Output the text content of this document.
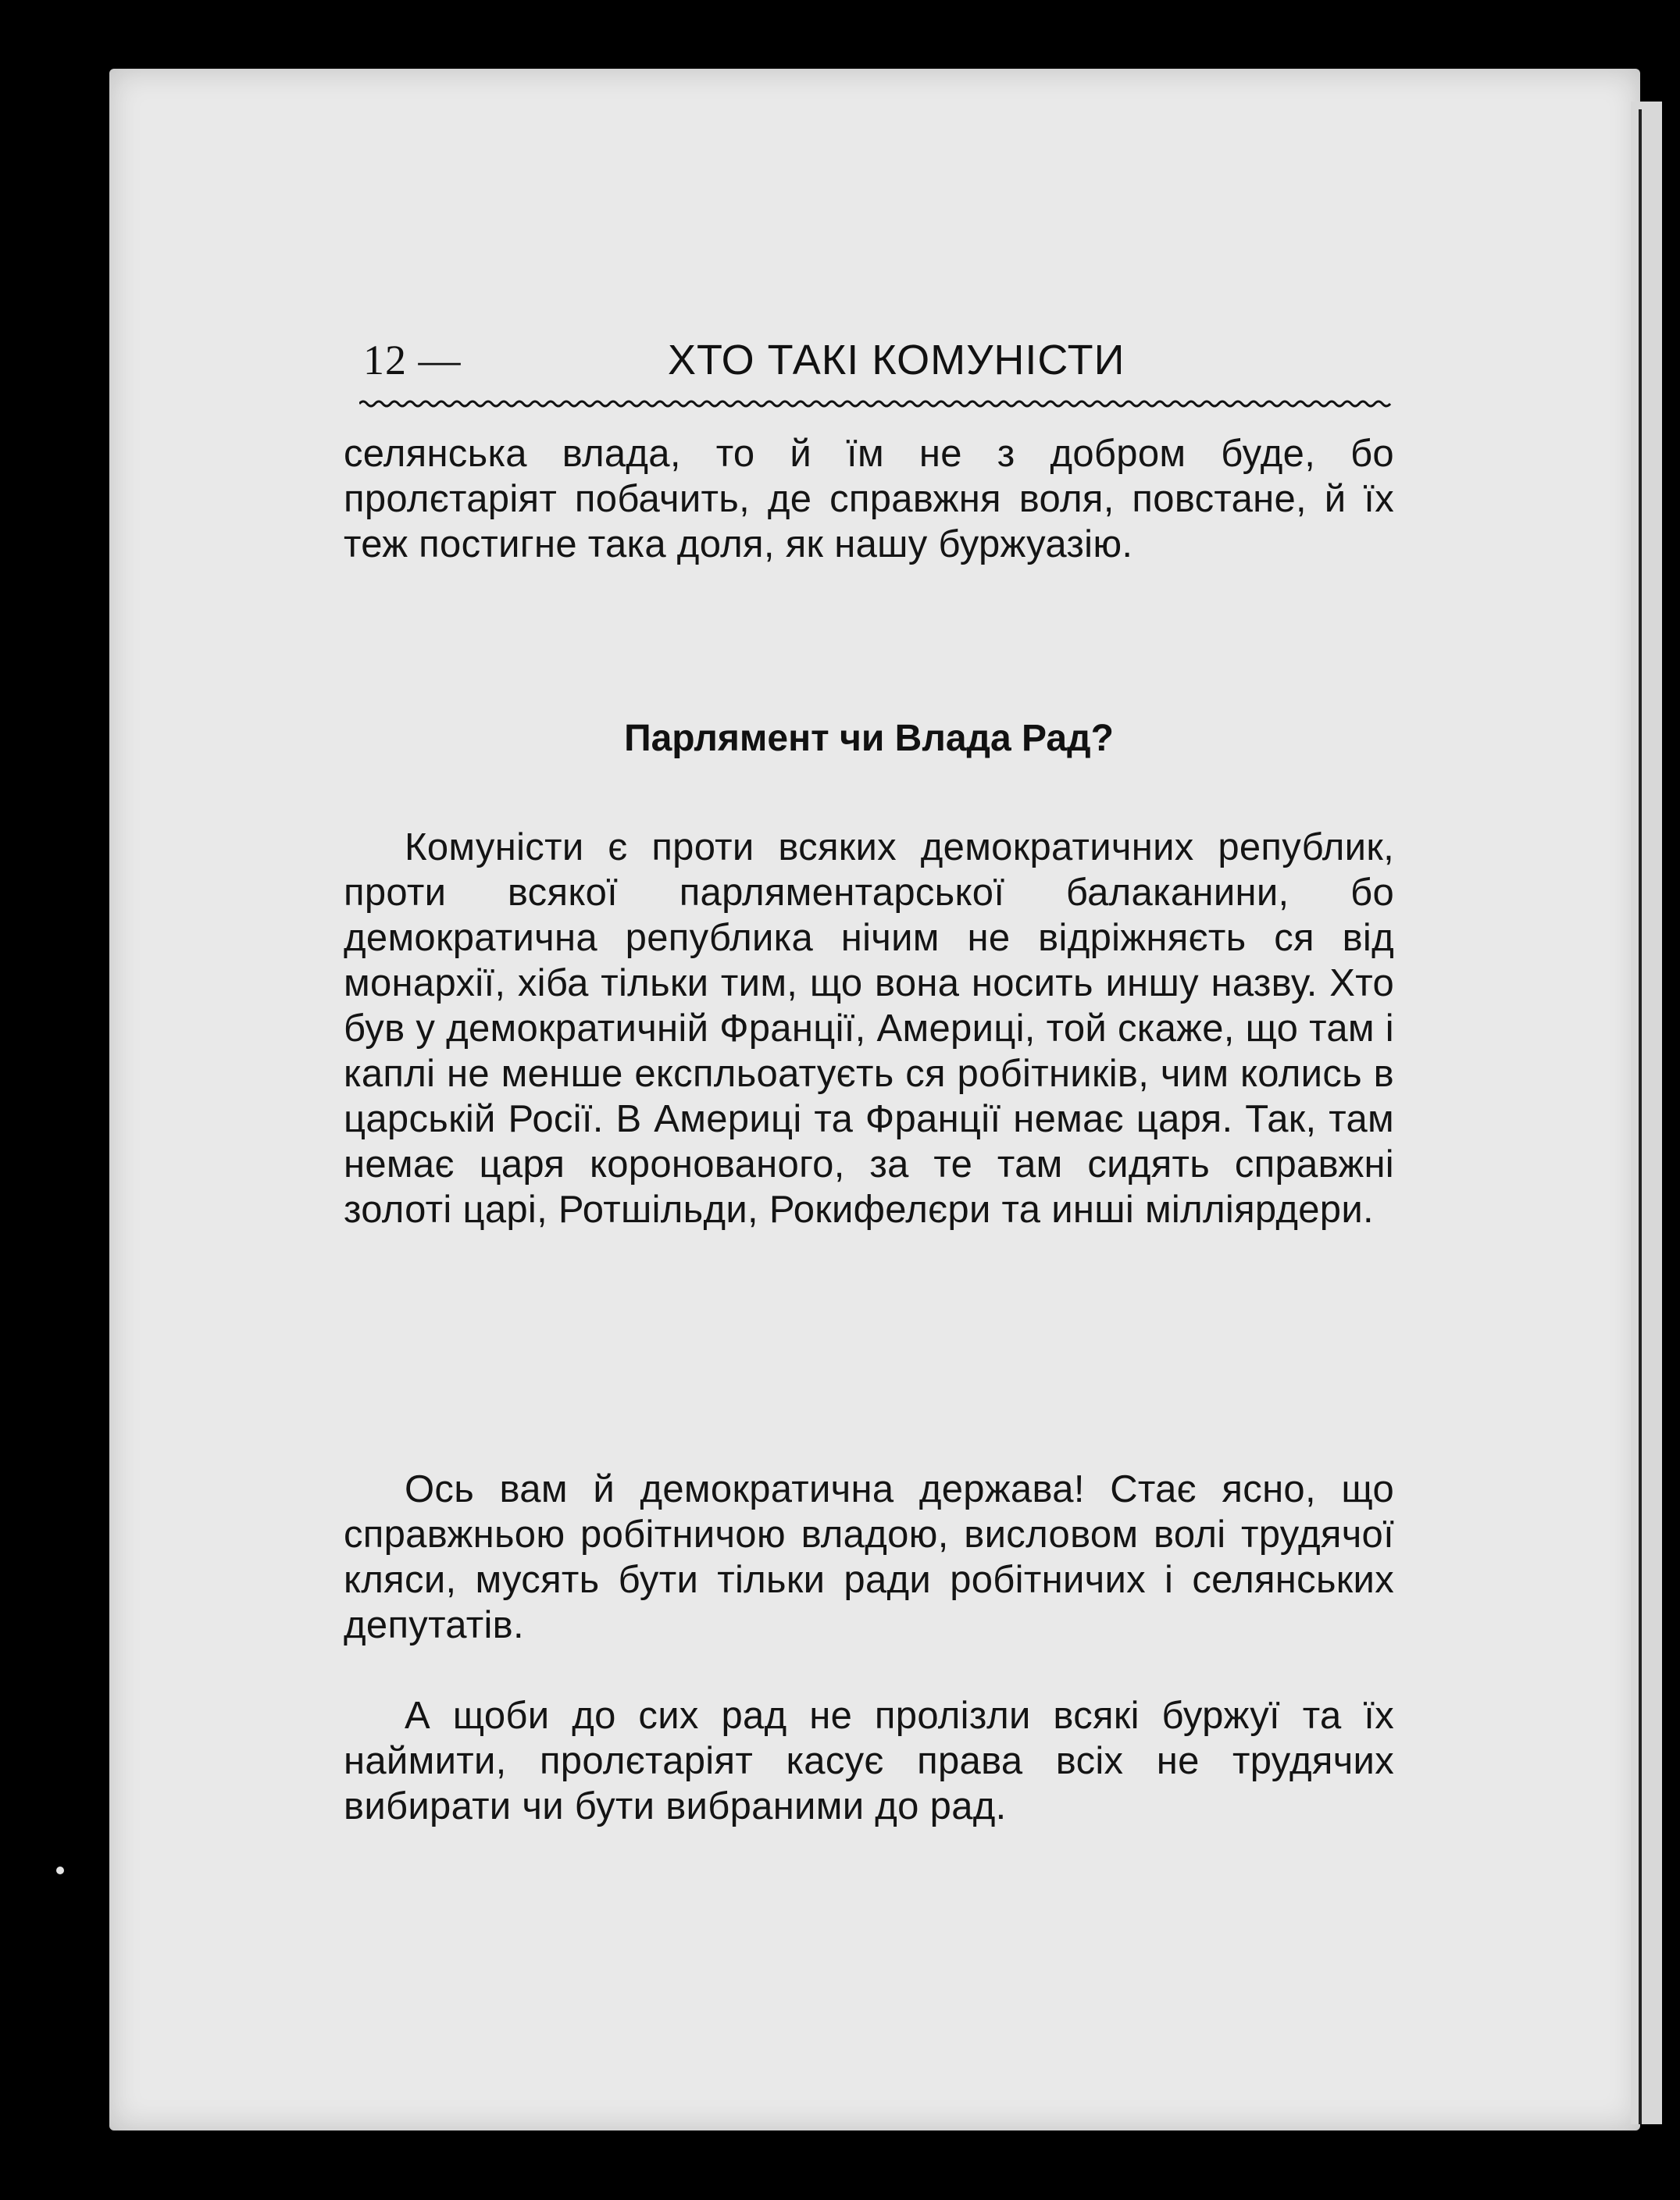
12 —	ХТО ТАКІ КОМУНІСТИ

селянська влада, то й їм не з добром буде, бо пролєтаріят побачить, де справжня воля, повстане, й їх теж постигне така доля, як нашу буржуазію.

Парлямент чи Влада Рад?

Комуністи є проти всяких демократичних републик, проти всякої парляментарської балаканини, бо демократична република нічим не відріжняєть ся від монархії, хіба тільки тим, що вона носить иншу назву. Хто був у демократичній Франції, Америці, той скаже, що там і каплі не менше експльоатуєть ся робітників, чим колись в царській Росії. В Америці та Франції немає царя. Так, там немає царя коронованого, за те там сидять справжні золоті царі, Ротшільди, Рокифелєри та инші мілліярдери.

Ось вам й демократична держава! Стає ясно, що справжньою робітничою владою, висловом волі трудячої кляси, мусять бути тільки ради робітничих і селянських депутатів.

А щоби до сих рад не пролізли всякі буржуї та їх наймити, пролєтаріят касує права всіх не трудячих вибирати чи бути вибраними до рад.
